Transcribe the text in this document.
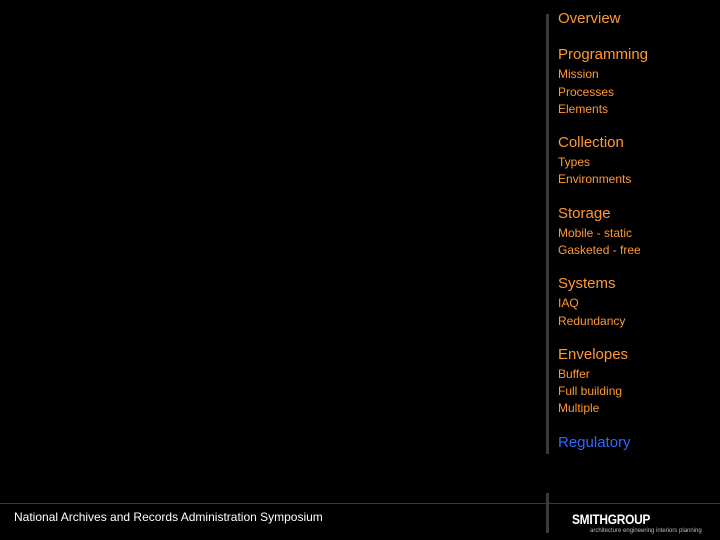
Overview
Programming
Mission
Processes
Elements
Collection
Types
Environments
Storage
Mobile - static
Gasketed - free
Systems
IAQ
Redundancy
Envelopes
Buffer
Full building
Multiple
Regulatory
National Archives and Records Administration Symposium	SMITHGROUP
architecture engineering interiors planning
